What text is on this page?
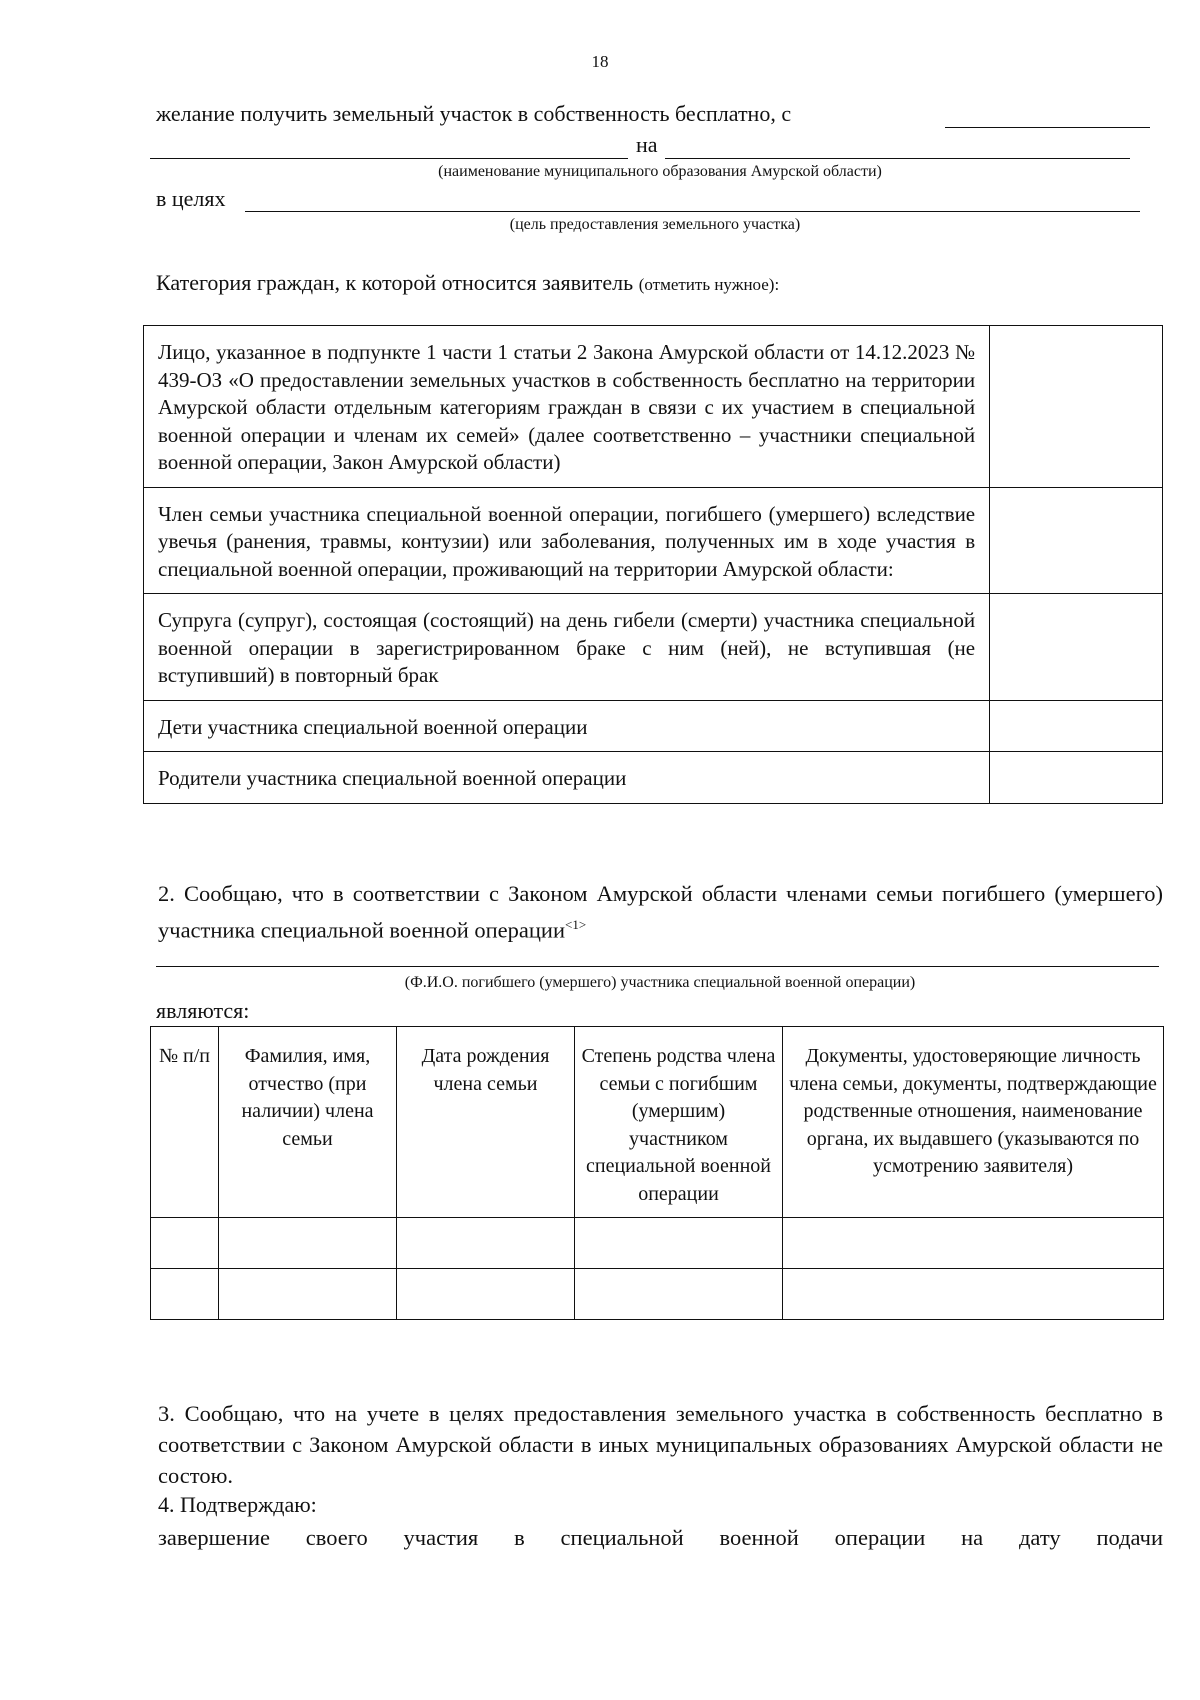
18
желание получить земельный участок в собственность бесплатно, с
на
(наименование муниципального образования Амурской области)
в целях
(цель предоставления земельного участка)
Категория граждан, к которой относится заявитель (отметить нужное):
Лицо, указанное в подпункте 1 части 1 статьи 2 Закона Амурской области от 14.12.2023 № 439-ОЗ «О предоставлении земельных участков в собственность бесплатно на территории Амурской области отдельным категориям граждан в связи с их участием в специальной военной операции и членам их семей» (далее соответственно – участники специальной военной операции, Закон Амурской области)	
Член семьи участника специальной военной операции, погибшего (умершего) вследствие увечья (ранения, травмы, контузии) или заболевания, полученных им в ходе участия в специальной военной операции, проживающий на территории Амурской области:	
Супруга (супруг), состоящая (состоящий) на день гибели (смерти) участника специальной военной операции в зарегистрированном браке с ним (ней), не вступившая (не вступивший) в повторный брак	
Дети участника специальной военной операции	
Родители участника специальной военной операции	
2. Сообщаю, что в соответствии с Законом Амурской области членами семьи погибшего (умершего) участника специальной военной операции$^{<1>}$
(Ф.И.О. погибшего (умершего) участника специальной военной операции)
являются:
№ п/п	Фамилия, имя, отчество (при наличии) члена семьи	Дата рождения члена семьи	Степень родства члена семьи с погибшим (умершим) участником специальной военной операции	Документы, удостоверяющие личность члена семьи, документы, подтверждающие родственные отношения, наименование органа, их выдавшего (указываются по усмотрению заявителя)

3. Сообщаю, что на учете в целях предоставления земельного участка в собственность бесплатно в соответствии с Законом Амурской области в иных муниципальных образованиях Амурской области не состою.
4. Подтверждаю:
завершение своего участия в специальной военной операции на дату подачи
